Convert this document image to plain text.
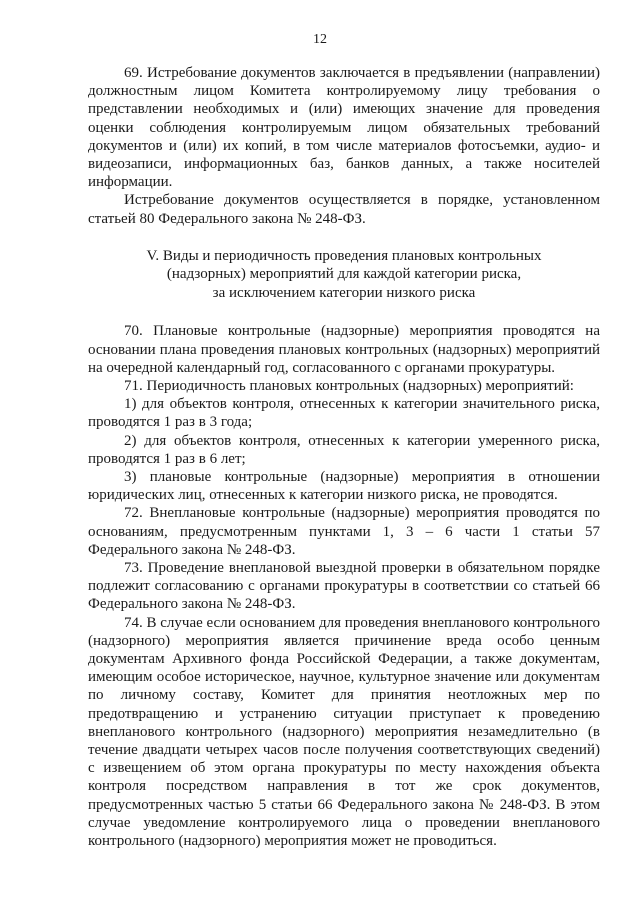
12

69. Истребование документов заключается в предъявлении (направлении) должностным лицом Комитета контролируемому лицу требования о представлении необходимых и (или) имеющих значение для проведения оценки соблюдения контролируемым лицом обязательных требований документов и (или) их копий, в том числе материалов фотосъемки, аудио- и видеозаписи, информационных баз, банков данных, а также носителей информации.

Истребование документов осуществляется в порядке, установленном статьей 80 Федерального закона № 248-ФЗ.

V. Виды и периодичность проведения плановых контрольных
(надзорных) мероприятий для каждой категории риска,
за исключением категории низкого риска

70. Плановые контрольные (надзорные) мероприятия проводятся на основании плана проведения плановых контрольных (надзорных) мероприятий на очередной календарный год, согласованного с органами прокуратуры.

71. Периодичность плановых контрольных (надзорных) мероприятий:

1) для объектов контроля, отнесенных к категории значительного риска, проводятся 1 раз в 3 года;

2) для объектов контроля, отнесенных к категории умеренного риска, проводятся 1 раз в 6 лет;

3) плановые контрольные (надзорные) мероприятия в отношении юридических лиц, отнесенных к категории низкого риска, не проводятся.

72. Внеплановые контрольные (надзорные) мероприятия проводятся по основаниям, предусмотренным пунктами 1, 3 – 6 части 1 статьи 57 Федерального закона № 248-ФЗ.

73. Проведение внеплановой выездной проверки в обязательном порядке подлежит согласованию с органами прокуратуры в соответствии со статьей 66 Федерального закона № 248-ФЗ.

74. В случае если основанием для проведения внепланового контрольного (надзорного) мероприятия является причинение вреда особо ценным документам Архивного фонда Российской Федерации, а также документам, имеющим особое историческое, научное, культурное значение или документам по личному составу, Комитет для принятия неотложных мер по предотвращению и устранению ситуации приступает к проведению внепланового контрольного (надзорного) мероприятия незамедлительно (в течение двадцати четырех часов после получения соответствующих сведений) с извещением об этом органа прокуратуры по месту нахождения объекта контроля посредством направления в тот же срок документов, предусмотренных частью 5 статьи 66 Федерального закона № 248-ФЗ. В этом случае уведомление контролируемого лица о проведении внепланового контрольного (надзорного) мероприятия может не проводиться.
